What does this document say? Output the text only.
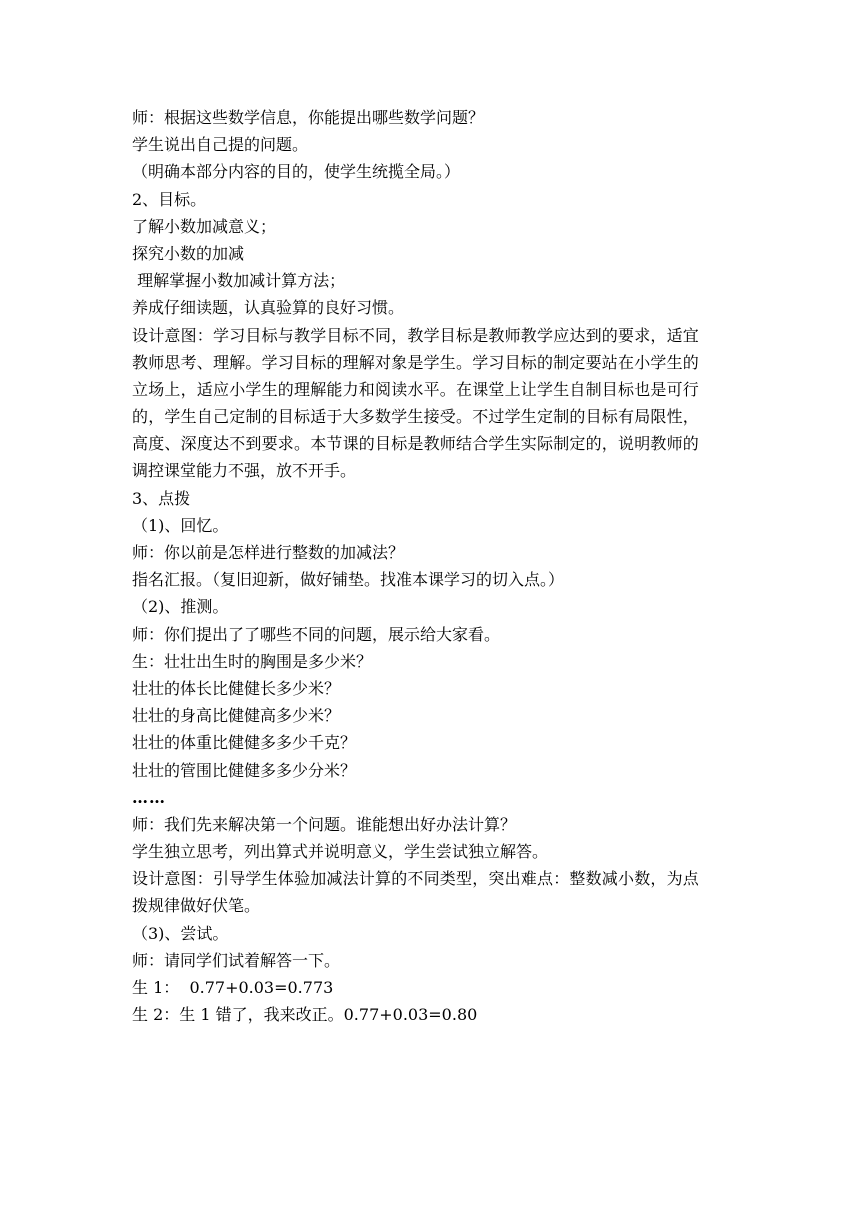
师：根据这些数学信息，你能提出哪些数学问题？
学生说出自己提的问题。
（明确本部分内容的目的，使学生统揽全局。）
2、目标。
了解小数加减意义；
探究小数的加减
理解掌握小数加减计算方法；
养成仔细读题，认真验算的良好习惯。
设计意图：学习目标与教学目标不同，教学目标是教师教学应达到的要求，适宜
教师思考、理解。学习目标的理解对象是学生。学习目标的制定要站在小学生的
立场上，适应小学生的理解能力和阅读水平。在课堂上让学生自制目标也是可行
的，学生自己定制的目标适于大多数学生接受。不过学生定制的目标有局限性，
高度、深度达不到要求。本节课的目标是教师结合学生实际制定的，说明教师的
调控课堂能力不强，放不开手。
3、点拨
（1)、回忆。
师：你以前是怎样进行整数的加减法？
指名汇报。（复旧迎新，做好铺垫。找准本课学习的切入点。）
（2)、推测。
师：你们提出了了哪些不同的问题，展示给大家看。
生：壮壮出生时的胸围是多少米？
壮壮的体长比健健长多少米？
壮壮的身高比健健高多少米？
壮壮的体重比健健多多少千克？
壮壮的管围比健健多多少分米？
……
师：我们先来解决第一个问题。谁能想出好办法计算？
学生独立思考，列出算式并说明意义，学生尝试独立解答。
设计意图：引导学生体验加减法计算的不同类型，突出难点：整数减小数，为点
拨规律做好伏笔。
（3)、尝试。
师：请同学们试着解答一下。
生 1：  0.77+0.03=0.773
生 2：生 1 错了，我来改正。0.77+0.03=0.80
